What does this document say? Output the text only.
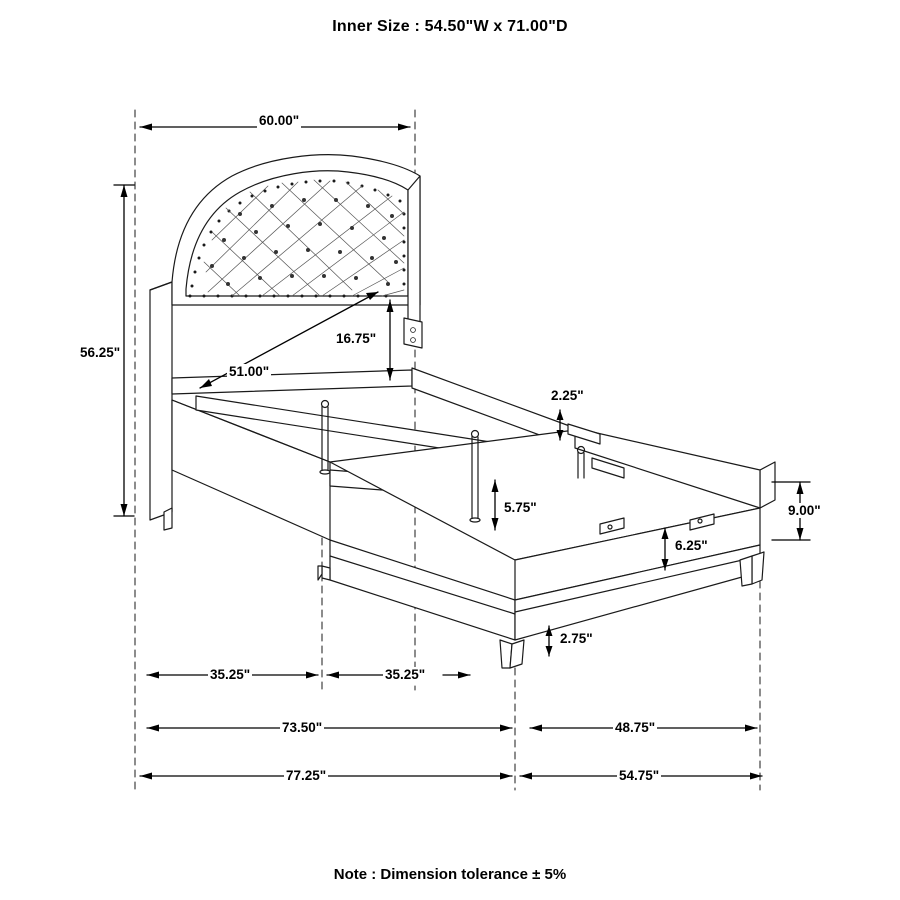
Inner Size : 54.50"W x 71.00"D
60.00"
56.25"
51.00"
16.75"
2.25"
5.75"
6.25"
9.00"
2.75"
35.25"	35.25"
73.50"	48.75"
77.25"	54.75"
Note : Dimension tolerance ± 5%
